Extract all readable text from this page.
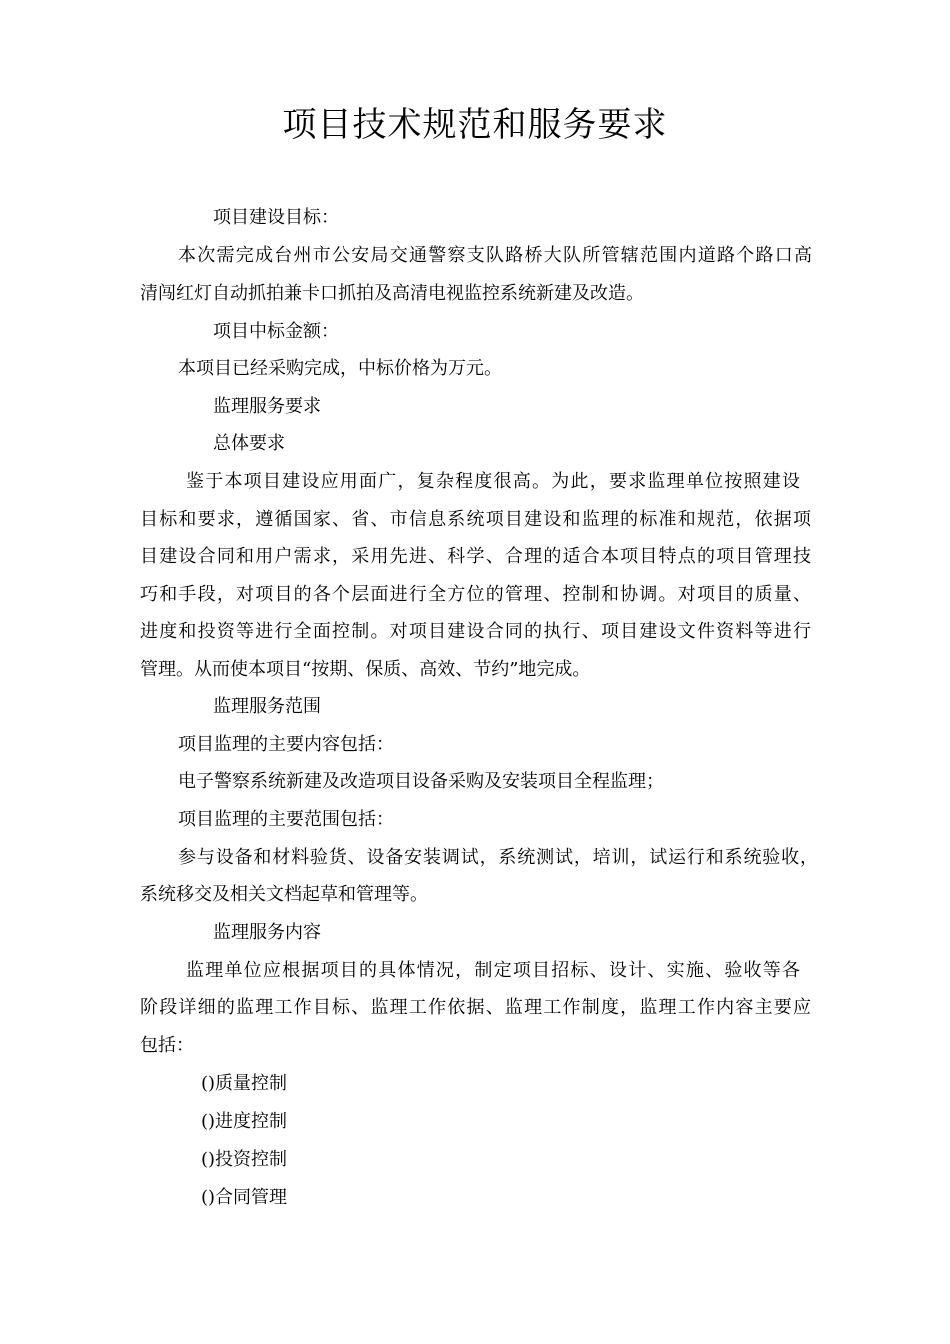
项目技术规范和服务要求
项目建设目标：
本次需完成台州市公安局交通警察支队路桥大队所管辖范围内道路个路口高
清闯红灯自动抓拍兼卡口抓拍及高清电视监控系统新建及改造。
项目中标金额：
本项目已经采购完成，中标价格为万元。
监理服务要求
总体要求
鉴于本项目建设应用面广，复杂程度很高。为此，要求监理单位按照建设
目标和要求，遵循国家、省、市信息系统项目建设和监理的标准和规范，依据项
目建设合同和用户需求，采用先进、科学、合理的适合本项目特点的项目管理技
巧和手段，对项目的各个层面进行全方位的管理、控制和协调。对项目的质量、
进度和投资等进行全面控制。对项目建设合同的执行、项目建设文件资料等进行
管理。从而使本项目“按期、保质、高效、节约”地完成。
监理服务范围
项目监理的主要内容包括：
电子警察系统新建及改造项目设备采购及安装项目全程监理；
项目监理的主要范围包括：
参与设备和材料验货、设备安装调试，系统测试，培训，试运行和系统验收，
系统移交及相关文档起草和管理等。
监理服务内容
监理单位应根据项目的具体情况，制定项目招标、设计、实施、验收等各
阶段详细的监理工作目标、监理工作依据、监理工作制度，监理工作内容主要应
包括：
()质量控制
()进度控制
()投资控制
()合同管理
